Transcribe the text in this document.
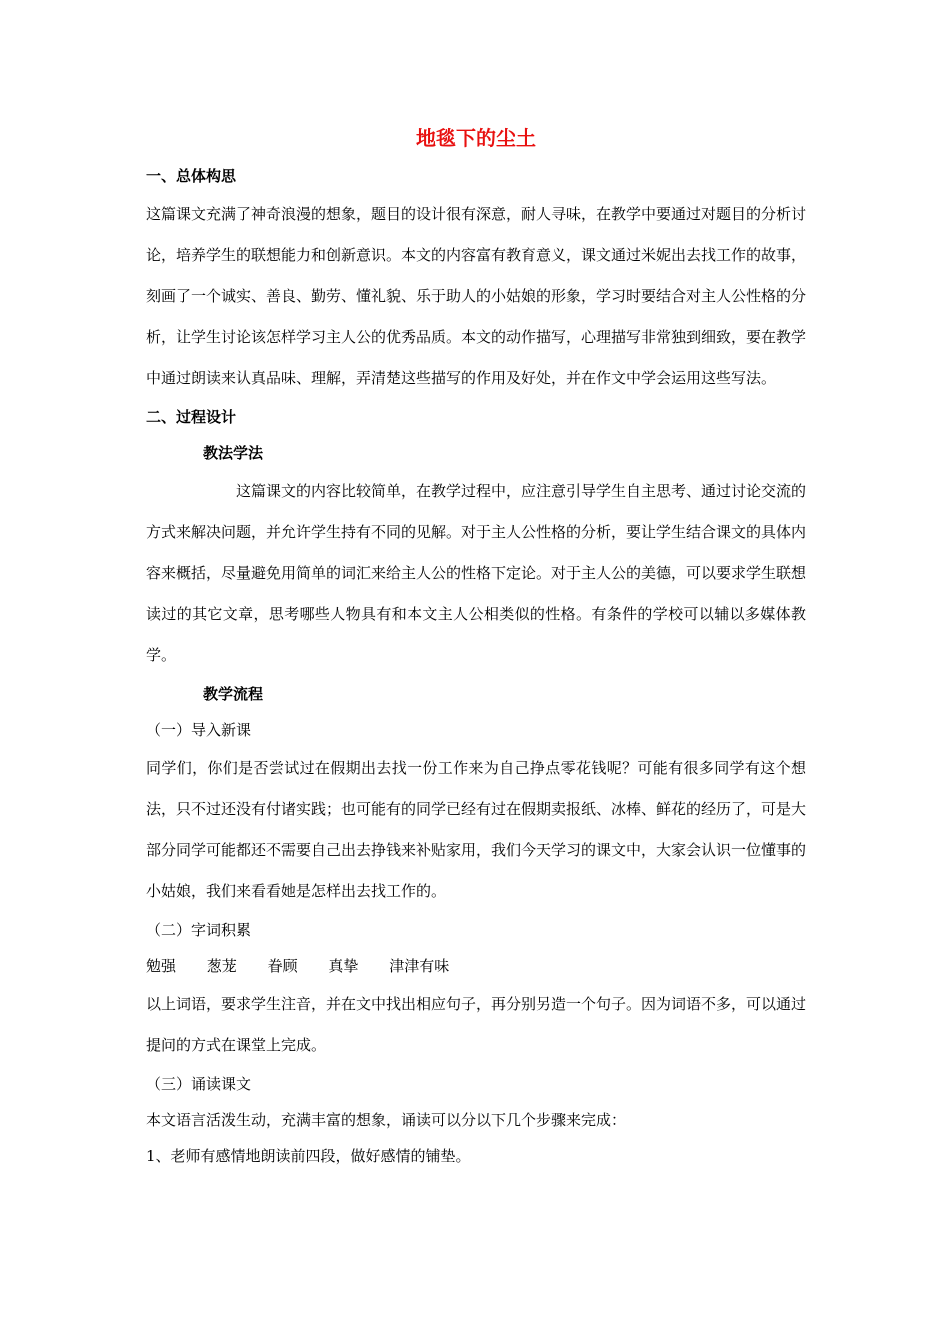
地毯下的尘土
一、总体构思

这篇课文充满了神奇浪漫的想象，题目的设计很有深意，耐人寻味，在教学中要通过对题目的分析讨论，培养学生的联想能力和创新意识。本文的内容富有教育意义，课文通过米妮出去找工作的故事，刻画了一个诚实、善良、勤劳、懂礼貌、乐于助人的小姑娘的形象，学习时要结合对主人公性格的分析，让学生讨论该怎样学习主人公的优秀品质。本文的动作描写，心理描写非常独到细致，要在教学中通过朗读来认真品味、理解，弄清楚这些描写的作用及好处，并在作文中学会运用这些写法。

二、过程设计
教法学法

这篇课文的内容比较简单，在教学过程中，应注意引导学生自主思考、通过讨论交流的方式来解决问题，并允许学生持有不同的见解。对于主人公性格的分析，要让学生结合课文的具体内容来概括，尽量避免用简单的词汇来给主人公的性格下定论。对于主人公的美德，可以要求学生联想读过的其它文章，思考哪些人物具有和本文主人公相类似的性格。有条件的学校可以辅以多媒体教学。

教学流程
（一）导入新课

同学们，你们是否尝试过在假期出去找一份工作来为自己挣点零花钱呢？可能有很多同学有这个想法，只不过还没有付诸实践；也可能有的同学已经有过在假期卖报纸、冰棒、鲜花的经历了，可是大部分同学可能都还不需要自己出去挣钱来补贴家用，我们今天学习的课文中，大家会认识一位懂事的小姑娘，我们来看看她是怎样出去找工作的。

（二）字词积累
勉强 葱茏 眷顾 真挚 津津有味

以上词语，要求学生注音，并在文中找出相应句子，再分别另造一个句子。因为词语不多，可以通过提问的方式在课堂上完成。

（三）诵读课文
本文语言活泼生动，充满丰富的想象，诵读可以分以下几个步骤来完成：
1、老师有感情地朗读前四段，做好感情的铺垫。
